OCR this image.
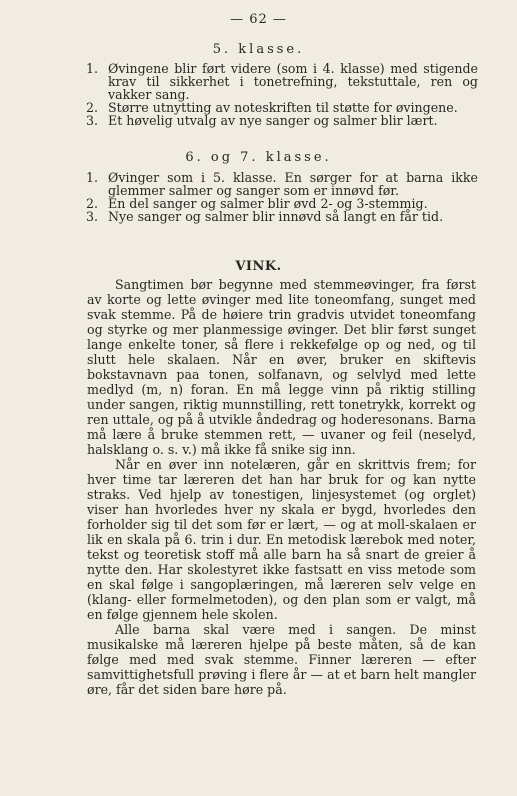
— 62 —
5. klasse.
1. Øvingene blir ført videre (som i 4. klasse) med stigende krav til sikkerhet i tonetrefning, tekstuttale, ren og vakker sang.
2. Større utnytting av noteskriften til støtte for øvingene.
3. Et høvelig utvalg av nye sanger og salmer blir lært.
6. og 7. klasse.
1. Øvinger som i 5. klasse. En sørger for at barna ikke glemmer salmer og sanger som er innøvd før.
2. En del sanger og salmer blir øvd 2- og 3-stemmig.
3. Nye sanger og salmer blir innøvd så langt en får tid.
VINK.

Sangtimen bør begynne med stemmeøvinger, fra først av korte og lette øvinger med lite toneomfang, sunget med svak stemme. På de høiere trin gradvis utvidet toneomfang og styrke og mer planmessige øvinger. Det blir først sunget lange enkelte toner, så flere i rekkefølge op og ned, og til slutt hele skalaen. Når en øver, bruker en skiftevis bokstavnavn paa tonen, solfanavn, og selvlyd med lette medlyd (m, n) foran. En må legge vinn på riktig stilling under sangen, riktig munnstilling, rett tonetrykk, korrekt og ren uttale, og på å utvikle åndedrag og hoderesonans. Barna må lære å bruke stemmen rett, — uvaner og feil (neselyd, halsklang o. s. v.) må ikke få snike sig inn.

Når en øver inn notelæren, går en skrittvis frem; for hver time tar læreren det han har bruk for og kan nytte straks. Ved hjelp av tonestigen, linjesystemet (og orglet) viser han hvorledes hver ny skala er bygd, hvorledes den forholder sig til det som før er lært, — og at moll-skalaen er lik en skala på 6. trin i dur. En metodisk lærebok med noter, tekst og teoretisk stoff må alle barn ha så snart de greier å nytte den. Har skolestyret ikke fastsatt en viss metode som en skal følge i sangoplæringen, må læreren selv velge en (klang- eller formelmetoden), og den plan som er valgt, må en følge gjennem hele skolen.

Alle barna skal være med i sangen. De minst musikalske må læreren hjelpe på beste måten, så de kan følge med med svak stemme. Finner læreren — efter samvittighetsfull prøving i flere år — at et barn helt mangler øre, får det siden bare høre på.
